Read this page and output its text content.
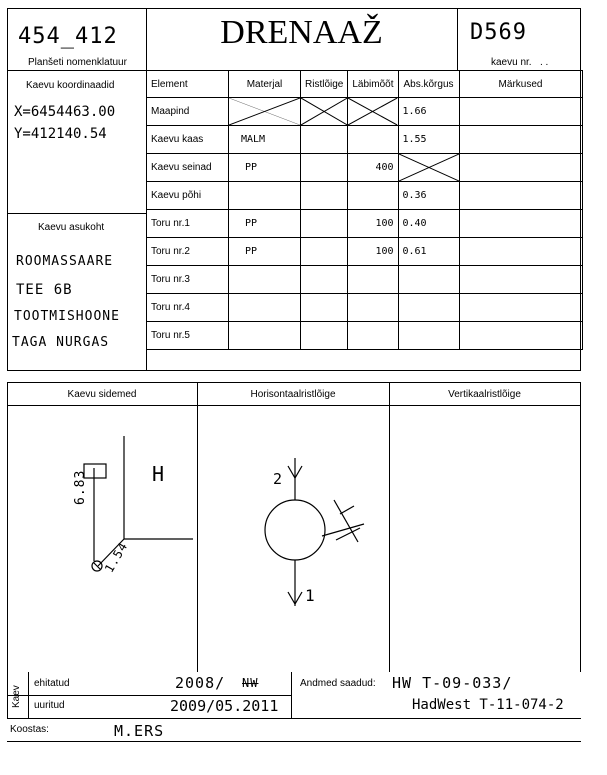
454_412
Planšeti nomenklatuur
DRENAAŽ	D569
kaevu nr. . .
Kaevu koordinaadid
X=6454463.00
Y=412140.54
Kaevu asukoht
ROOMASSAARE
TEE 6B
TOOTMISHOONE
TAGA NURGAS
Element	Materjal	Ristlõige	Läbimõõt	Abs.kõrgus	Märkused
Maapind				1.66	
Kaevu kaas	MALM			1.55	
Kaevu seinad	PP		400	

Kaevu põhi				0.36	
Toru nr.1	PP		100	0.40	
Toru nr.2	PP		100	0.61	
Toru nr.3					
Toru nr.4					
Toru nr.5					
Kaevu sidemed	Horisontaalristlõige	Vertikaalristlõige
H
6.83
1.54
2
1
Kaev
ehitatud	2008/ NW
uuritud	2009/05.2011
Andmed saadud: HW T-09-033/
HadWest T-11-074-2
Koostas:	M.ERS
